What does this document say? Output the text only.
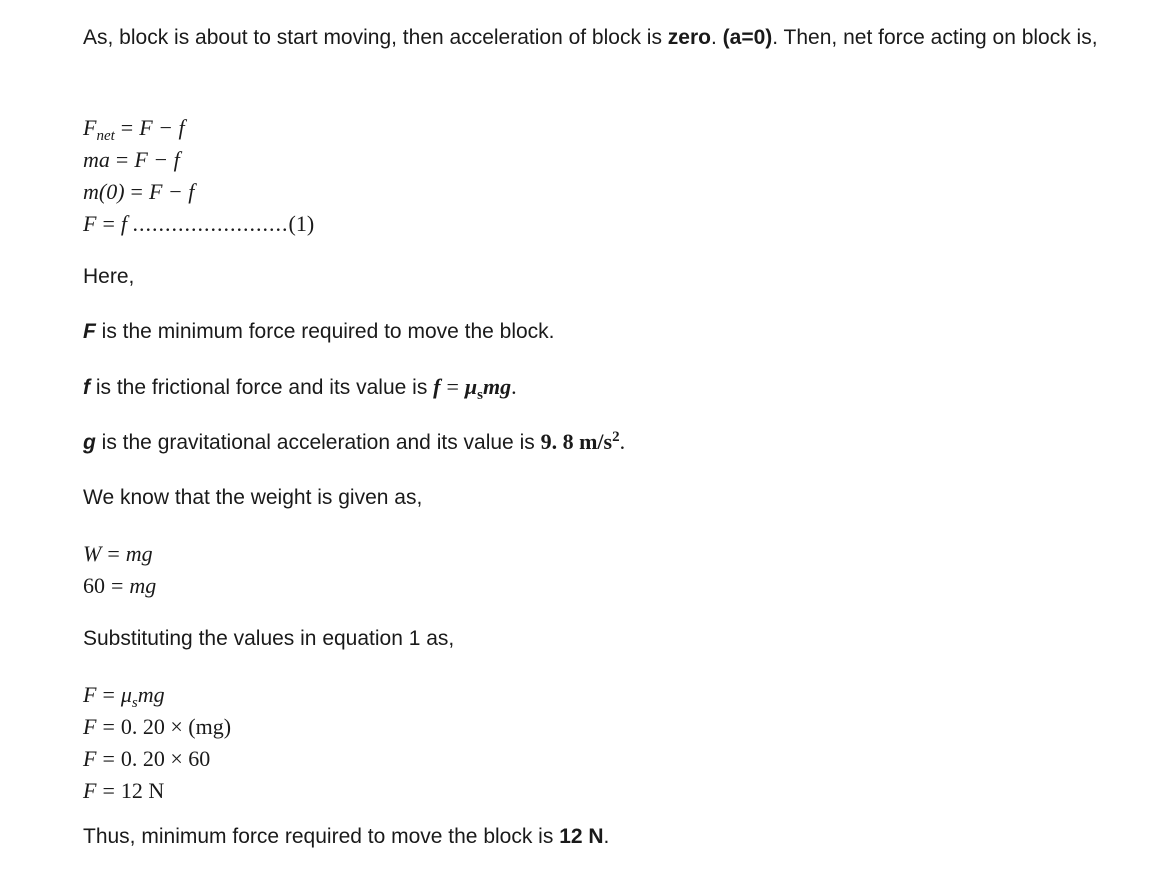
As, block is about to start moving, then acceleration of block is zero. (a=0). Then, net force acting on block is,

$F_{net} = F - f$
ma = F − f
m(0) = F − f
F = f ........................(1)

Here,

F is the minimum force required to move the block.

f is the frictional force and its value is $f = \mu_smg$.

g is the gravitational acceleration and its value is 9. 8 $m/s^2$.

We know that the weight is given as,

W = mg
60 = mg

Substituting the values in equation 1 as,

$F = \mu_smg$
F = 0. 20 × (mg)
F = 0. 20 × 60
F = 12 N

Thus, minimum force required to move the block is 12 N.
